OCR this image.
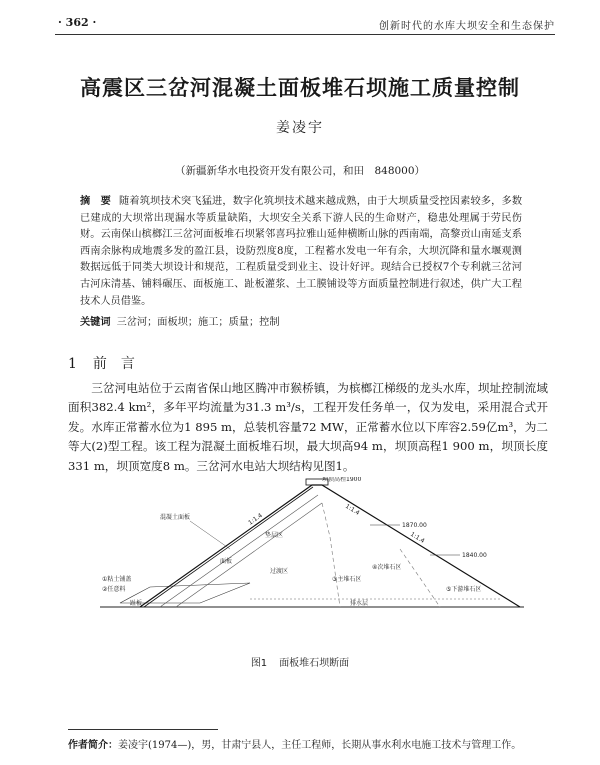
· 362 ·	创新时代的水库大坝安全和生态保护
高震区三岔河混凝土面板堆石坝施工质量控制
姜凌宇
（新疆新华水电投资开发有限公司，和田　848000）
摘　要 随着筑坝技术突飞猛进，数字化筑坝技术越来越成熟，由于大坝质量受控因素较多，多数已建成的大坝常出现漏水等质量缺陷，大坝安全关系下游人民的生命财产，稳患处理属于劳民伤财。云南保山槟榔江三岔河面板堆石坝紧邻喜玛拉雅山延伸横断山脉的西南端，高黎贡山南延支系西南余脉构成地震多发的盈江县，设防烈度8度，工程蓄水发电一年有余，大坝沉降和量水堰观测数据远低于同类大坝设计和规范，工程质量受到业主、设计好评。现结合已授权7个专利就三岔河古河床清基、铺料碾压、面板施工、趾板灌浆、土工膜铺设等方面质量控制进行叙述，供广大工程技术人员借鉴。
关键词 三岔河；面板坝；施工；质量；控制
1 前　言
三岔河电站位于云南省保山地区腾冲市猴桥镇，为槟榔江梯级的龙头水库，坝址控制流域面积382.4 km²，多年平均流量为31.3 m³/s，工程开发任务单一，仅为发电，采用混合式开发。水库正常蓄水位为1 895 m，总装机容量72 MW，正常蓄水位以下库容2.59亿m³，为二等大(2)型工程。该工程为混凝土面板堆石坝，最大坝高94 m，坝顶高程1 900 m，坝顶长度331 m，坝顶宽度8 m。三岔河水电站大坝结构见图1。
坝顶高程1900
①粘土铺盖
②任意料
混凝土面板
面板
垫层区
过渡区
③主堆石区
④次堆石区
⑤下游堆石区
排水层
趾板
1870.00
1840.00
1:1.4
1:1.4
1:1.4
图1 面板堆石坝断面
作者简介：姜凌宇(1974—)，男，甘肃宁县人，主任工程师，长期从事水利水电施工技术与管理工作。
